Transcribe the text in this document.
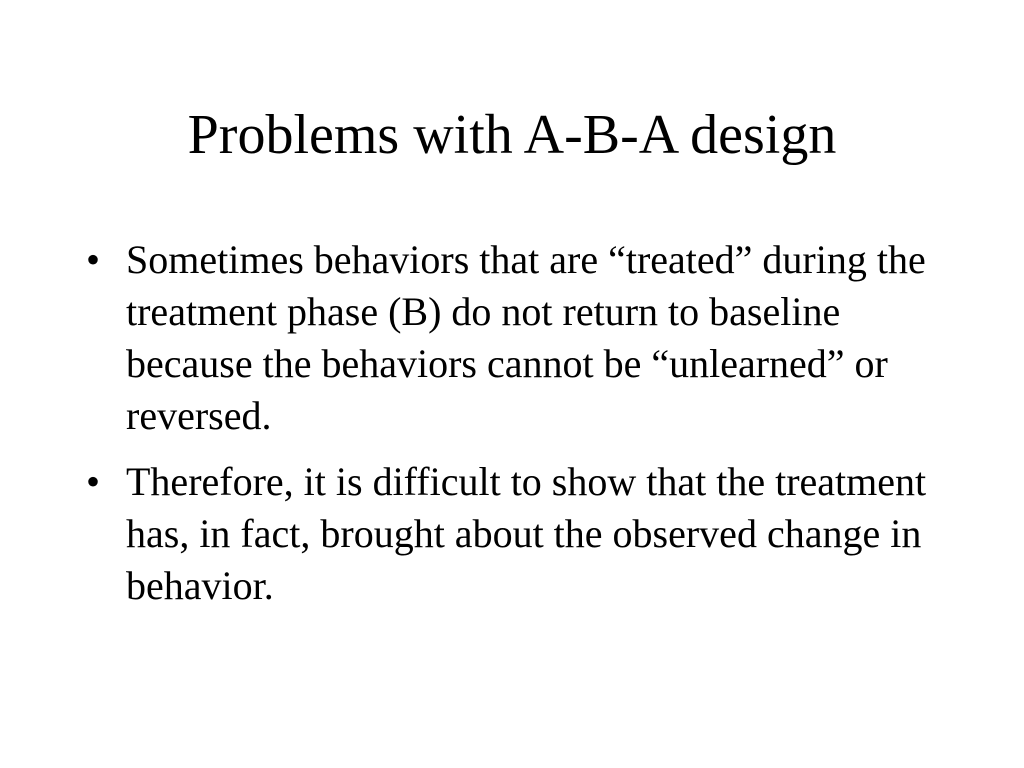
Problems with A-B-A design
• Sometimes behaviors that are “treated” during the treatment phase (B) do not return to baseline because the behaviors cannot be “unlearned” or reversed.
• Therefore, it is difficult to show that the treatment has, in fact, brought about the observed change in behavior.
